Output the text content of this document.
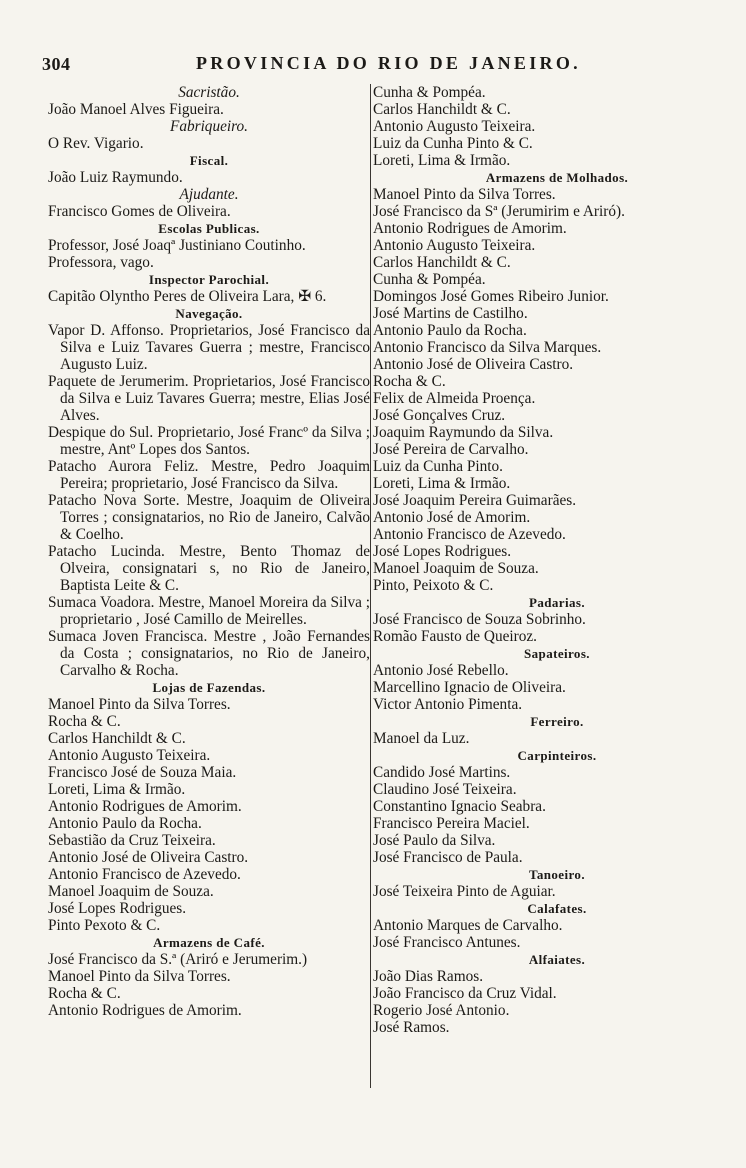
304	PROVINCIA DO RIO DE JANEIRO.
Sacristão.
João Manoel Alves Figueira.
Fabriqueiro.
O Rev. Vigario.
Fiscal.
João Luiz Raymundo.
Ajudante.
Francisco Gomes de Oliveira.
Escolas Publicas.
Professor, José Joaqª Justiniano Coutinho.
Professora, vago.
Inspector Parochial.
Capitão Olyntho Peres de Oliveira Lara, ✠ 6.
Navegação.
Vapor D. Affonso. Proprietarios, José Francisco da Silva e Luiz Tavares Guerra ; mestre, Francisco Augusto Luiz.
Paquete de Jerumerim. Proprietarios, José Francisco da Silva e Luiz Tavares Guerra; mestre, Elias José Alves.
Despique do Sul. Proprietario, José Francº da Silva ; mestre, Antº Lopes dos Santos.
Patacho Aurora Feliz. Mestre, Pedro Joaquim Pereira; proprietario, José Francisco da Silva.
Patacho Nova Sorte. Mestre, Joaquim de Oliveira Torres ; consignatarios, no Rio de Janeiro, Calvão & Coelho.
Patacho Lucinda. Mestre, Bento Thomaz de Olveira, consignatari s, no Rio de Janeiro, Baptista Leite & C.
Sumaca Voadora. Mestre, Manoel Moreira da Silva ; proprietario , José Camillo de Meirelles.
Sumaca Joven Francisca. Mestre , João Fernandes da Costa ; consignatarios, no Rio de Janeiro, Carvalho & Rocha.
Lojas de Fazendas.
Manoel Pinto da Silva Torres.
Rocha & C.
Carlos Hanchildt & C.
Antonio Augusto Teixeira.
Francisco José de Souza Maia.
Loreti, Lima & Irmão.
Antonio Rodrigues de Amorim.
Antonio Paulo da Rocha.
Sebastião da Cruz Teixeira.
Antonio José de Oliveira Castro.
Antonio Francisco de Azevedo.
Manoel Joaquim de Souza.
José Lopes Rodrigues.
Pinto Pexoto & C.
Armazens de Café.
José Francisco da S.ª (Ariró e Jerumerim.)
Manoel Pinto da Silva Torres.
Rocha & C.
Antonio Rodrigues de Amorim.
Cunha & Pompéa.
Carlos Hanchildt & C.
Antonio Augusto Teixeira.
Luiz da Cunha Pinto & C.
Loreti, Lima & Irmão.
Armazens de Molhados.
Manoel Pinto da Silva Torres.
José Francisco da Sª (Jerumirim e Ariró).
Antonio Rodrigues de Amorim.
Antonio Augusto Teixeira.
Carlos Hanchildt & C.
Cunha & Pompéa.
Domingos José Gomes Ribeiro Junior.
José Martins de Castilho.
Antonio Paulo da Rocha.
Antonio Francisco da Silva Marques.
Antonio José de Oliveira Castro.
Rocha & C.
Felix de Almeida Proença.
José Gonçalves Cruz.
Joaquim Raymundo da Silva.
José Pereira de Carvalho.
Luiz da Cunha Pinto.
Loreti, Lima & Irmão.
José Joaquim Pereira Guimarães.
Antonio José de Amorim.
Antonio Francisco de Azevedo.
José Lopes Rodrigues.
Manoel Joaquim de Souza.
Pinto, Peixoto & C.
Padarias.
José Francisco de Souza Sobrinho.
Romão Fausto de Queiroz.
Sapateiros.
Antonio José Rebello.
Marcellino Ignacio de Oliveira.
Victor Antonio Pimenta.
Ferreiro.
Manoel da Luz.
Carpinteiros.
Candido José Martins.
Claudino José Teixeira.
Constantino Ignacio Seabra.
Francisco Pereira Maciel.
José Paulo da Silva.
José Francisco de Paula.
Tanoeiro.
José Teixeira Pinto de Aguiar.
Calafates.
Antonio Marques de Carvalho.
José Francisco Antunes.
Alfaiates.
João Dias Ramos.
João Francisco da Cruz Vidal.
Rogerio José Antonio.
José Ramos.
